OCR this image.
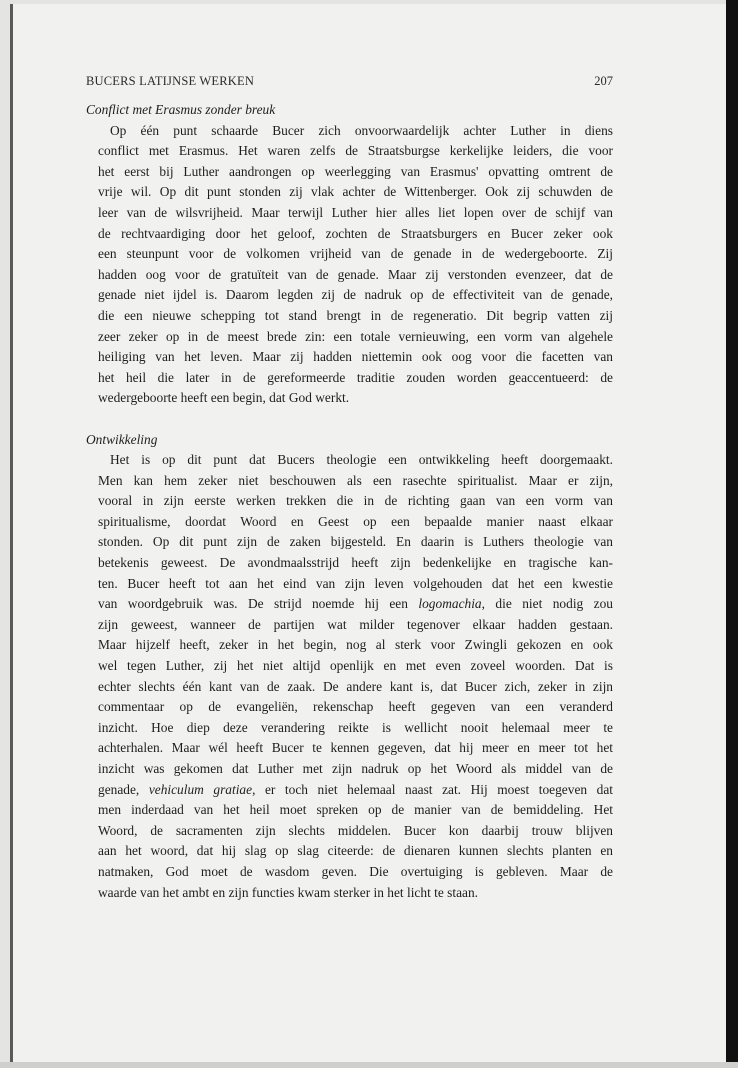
BUCERS LATIJNSE WERKEN	207
Conflict met Erasmus zonder breuk
Op één punt schaarde Bucer zich onvoorwaardelijk achter Luther in diens
conflict met Erasmus. Het waren zelfs de Straatsburgse kerkelijke leiders, die voor
het eerst bij Luther aandrongen op weerlegging van Erasmus' opvatting omtrent de
vrije wil. Op dit punt stonden zij vlak achter de Wittenberger. Ook zij schuwden de
leer van de wilsvrijheid. Maar terwijl Luther hier alles liet lopen over de schijf van
de rechtvaardiging door het geloof, zochten de Straatsburgers en Bucer zeker ook
een steunpunt voor de volkomen vrijheid van de genade in de wedergeboorte. Zij
hadden oog voor de gratuïteit van de genade. Maar zij verstonden evenzeer, dat de
genade niet ijdel is. Daarom legden zij de nadruk op de effectiviteit van de genade,
die een nieuwe schepping tot stand brengt in de regeneratio. Dit begrip vatten zij
zeer zeker op in de meest brede zin: een totale vernieuwing, een vorm van algehele
heiliging van het leven. Maar zij hadden niettemin ook oog voor die facetten van
het heil die later in de gereformeerde traditie zouden worden geaccentueerd: de
wedergeboorte heeft een begin, dat God werkt.
Ontwikkeling
Het is op dit punt dat Bucers theologie een ontwikkeling heeft doorgemaakt.
Men kan hem zeker niet beschouwen als een rasechte spiritualist. Maar er zijn,
vooral in zijn eerste werken trekken die in de richting gaan van een vorm van
spiritualisme, doordat Woord en Geest op een bepaalde manier naast elkaar
stonden. Op dit punt zijn de zaken bijgesteld. En daarin is Luthers theologie van
betekenis geweest. De avondmaalsstrijd heeft zijn bedenkelijke en tragische kan-
ten. Bucer heeft tot aan het eind van zijn leven volgehouden dat het een kwestie
van woordgebruik was. De strijd noemde hij een logomachia, die niet nodig zou
zijn geweest, wanneer de partijen wat milder tegenover elkaar hadden gestaan.
Maar hijzelf heeft, zeker in het begin, nog al sterk voor Zwingli gekozen en ook
wel tegen Luther, zij het niet altijd openlijk en met even zoveel woorden. Dat is
echter slechts één kant van de zaak. De andere kant is, dat Bucer zich, zeker in zijn
commentaar op de evangeliën, rekenschap heeft gegeven van een veranderd
inzicht. Hoe diep deze verandering reikte is wellicht nooit helemaal meer te
achterhalen. Maar wél heeft Bucer te kennen gegeven, dat hij meer en meer tot het
inzicht was gekomen dat Luther met zijn nadruk op het Woord als middel van de
genade, vehiculum gratiae, er toch niet helemaal naast zat. Hij moest toegeven dat
men inderdaad van het heil moet spreken op de manier van de bemiddeling. Het
Woord, de sacramenten zijn slechts middelen. Bucer kon daarbij trouw blijven
aan het woord, dat hij slag op slag citeerde: de dienaren kunnen slechts planten en
natmaken, God moet de wasdom geven. Die overtuiging is gebleven. Maar de
waarde van het ambt en zijn functies kwam sterker in het licht te staan.
